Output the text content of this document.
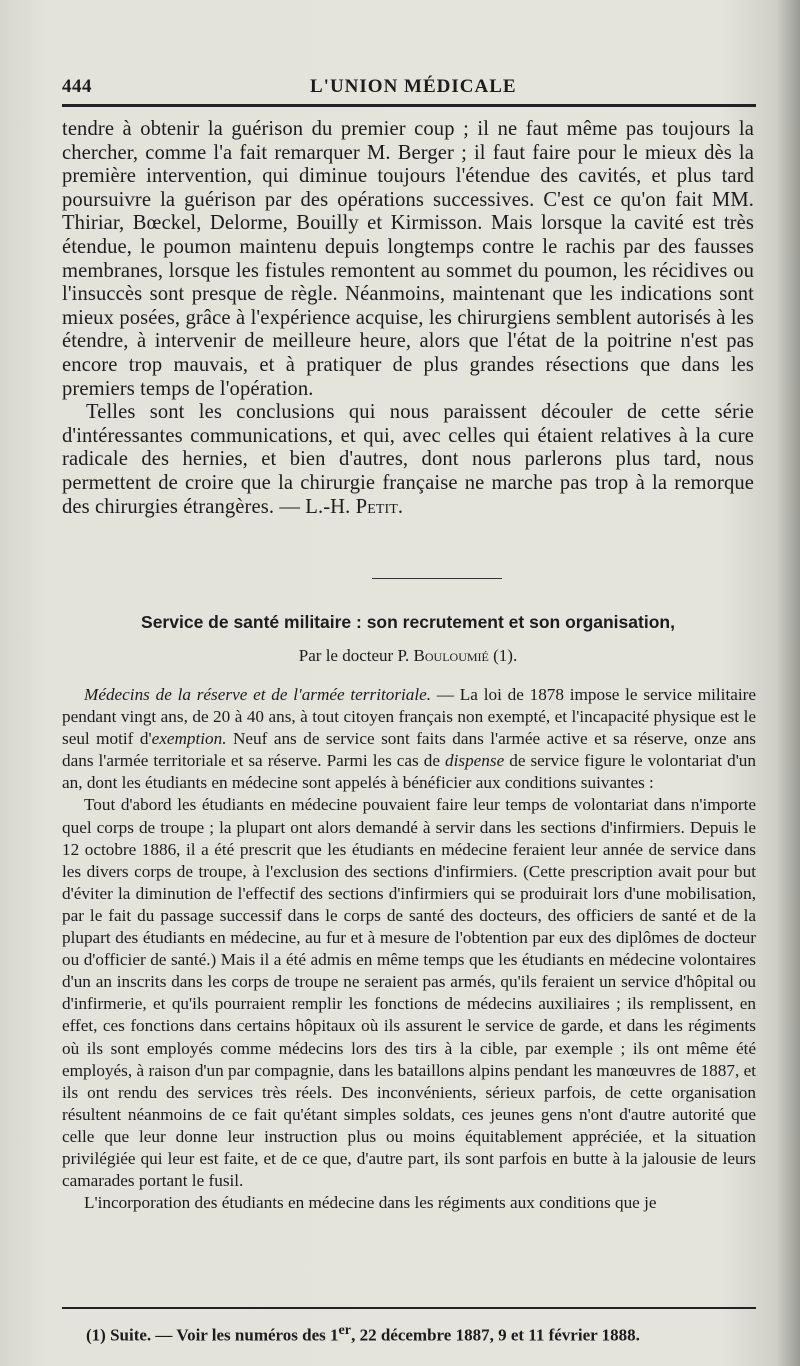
444	L'UNION MÉDICALE

tendre à obtenir la guérison du premier coup ; il ne faut même pas toujours la chercher, comme l'a fait remarquer M. Berger ; il faut faire pour le mieux dès la première intervention, qui diminue toujours l'étendue des cavités, et plus tard poursuivre la guérison par des opérations successives. C'est ce qu'on fait MM. Thiriar, Bœckel, Delorme, Bouilly et Kirmisson. Mais lorsque la cavité est très étendue, le poumon maintenu depuis longtemps contre le rachis par des fausses membranes, lorsque les fistules remontent au sommet du poumon, les récidives ou l'insuccès sont presque de règle. Néanmoins, maintenant que les indications sont mieux posées, grâce à l'expérience acquise, les chirurgiens semblent autorisés à les étendre, à intervenir de meilleure heure, alors que l'état de la poitrine n'est pas encore trop mauvais, et à pratiquer de plus grandes résections que dans les premiers temps de l'opération.

Telles sont les conclusions qui nous paraissent découler de cette série d'intéressantes communications, et qui, avec celles qui étaient relatives à la cure radicale des hernies, et bien d'autres, dont nous parlerons plus tard, nous permettent de croire que la chirurgie française ne marche pas trop à la remorque des chirurgies étrangères. — L.-H. Petit.

Service de santé militaire : son recrutement et son organisation,
Par le docteur P. Bouloumié (1).

Médecins de la réserve et de l'armée territoriale. — La loi de 1878 impose le service militaire pendant vingt ans, de 20 à 40 ans, à tout citoyen français non exempté, et l'incapacité physique est le seul motif d'exemption. Neuf ans de service sont faits dans l'armée active et sa réserve, onze ans dans l'armée territoriale et sa réserve. Parmi les cas de dispense de service figure le volontariat d'un an, dont les étudiants en médecine sont appelés à bénéficier aux conditions suivantes :

Tout d'abord les étudiants en médecine pouvaient faire leur temps de volontariat dans n'importe quel corps de troupe ; la plupart ont alors demandé à servir dans les sections d'infirmiers. Depuis le 12 octobre 1886, il a été prescrit que les étudiants en médecine feraient leur année de service dans les divers corps de troupe, à l'exclusion des sections d'infirmiers. (Cette prescription avait pour but d'éviter la diminution de l'effectif des sections d'infirmiers qui se produirait lors d'une mobilisation, par le fait du passage successif dans le corps de santé des docteurs, des officiers de santé et de la plupart des étudiants en médecine, au fur et à mesure de l'obtention par eux des diplômes de docteur ou d'officier de santé.) Mais il a été admis en même temps que les étudiants en médecine volontaires d'un an inscrits dans les corps de troupe ne seraient pas armés, qu'ils feraient un service d'hôpital ou d'infirmerie, et qu'ils pourraient remplir les fonctions de médecins auxiliaires ; ils remplissent, en effet, ces fonctions dans certains hôpitaux où ils assurent le service de garde, et dans les régiments où ils sont employés comme médecins lors des tirs à la cible, par exemple ; ils ont même été employés, à raison d'un par compagnie, dans les bataillons alpins pendant les manœuvres de 1887, et ils ont rendu des services très réels. Des inconvénients, sérieux parfois, de cette organisation résultent néanmoins de ce fait qu'étant simples soldats, ces jeunes gens n'ont d'autre autorité que celle que leur donne leur instruction plus ou moins équitablement appréciée, et la situation privilégiée qui leur est faite, et de ce que, d'autre part, ils sont parfois en butte à la jalousie de leurs camarades portant le fusil.

L'incorporation des étudiants en médecine dans les régiments aux conditions que je

(1) Suite. — Voir les numéros des 1er, 22 décembre 1887, 9 et 11 février 1888.
